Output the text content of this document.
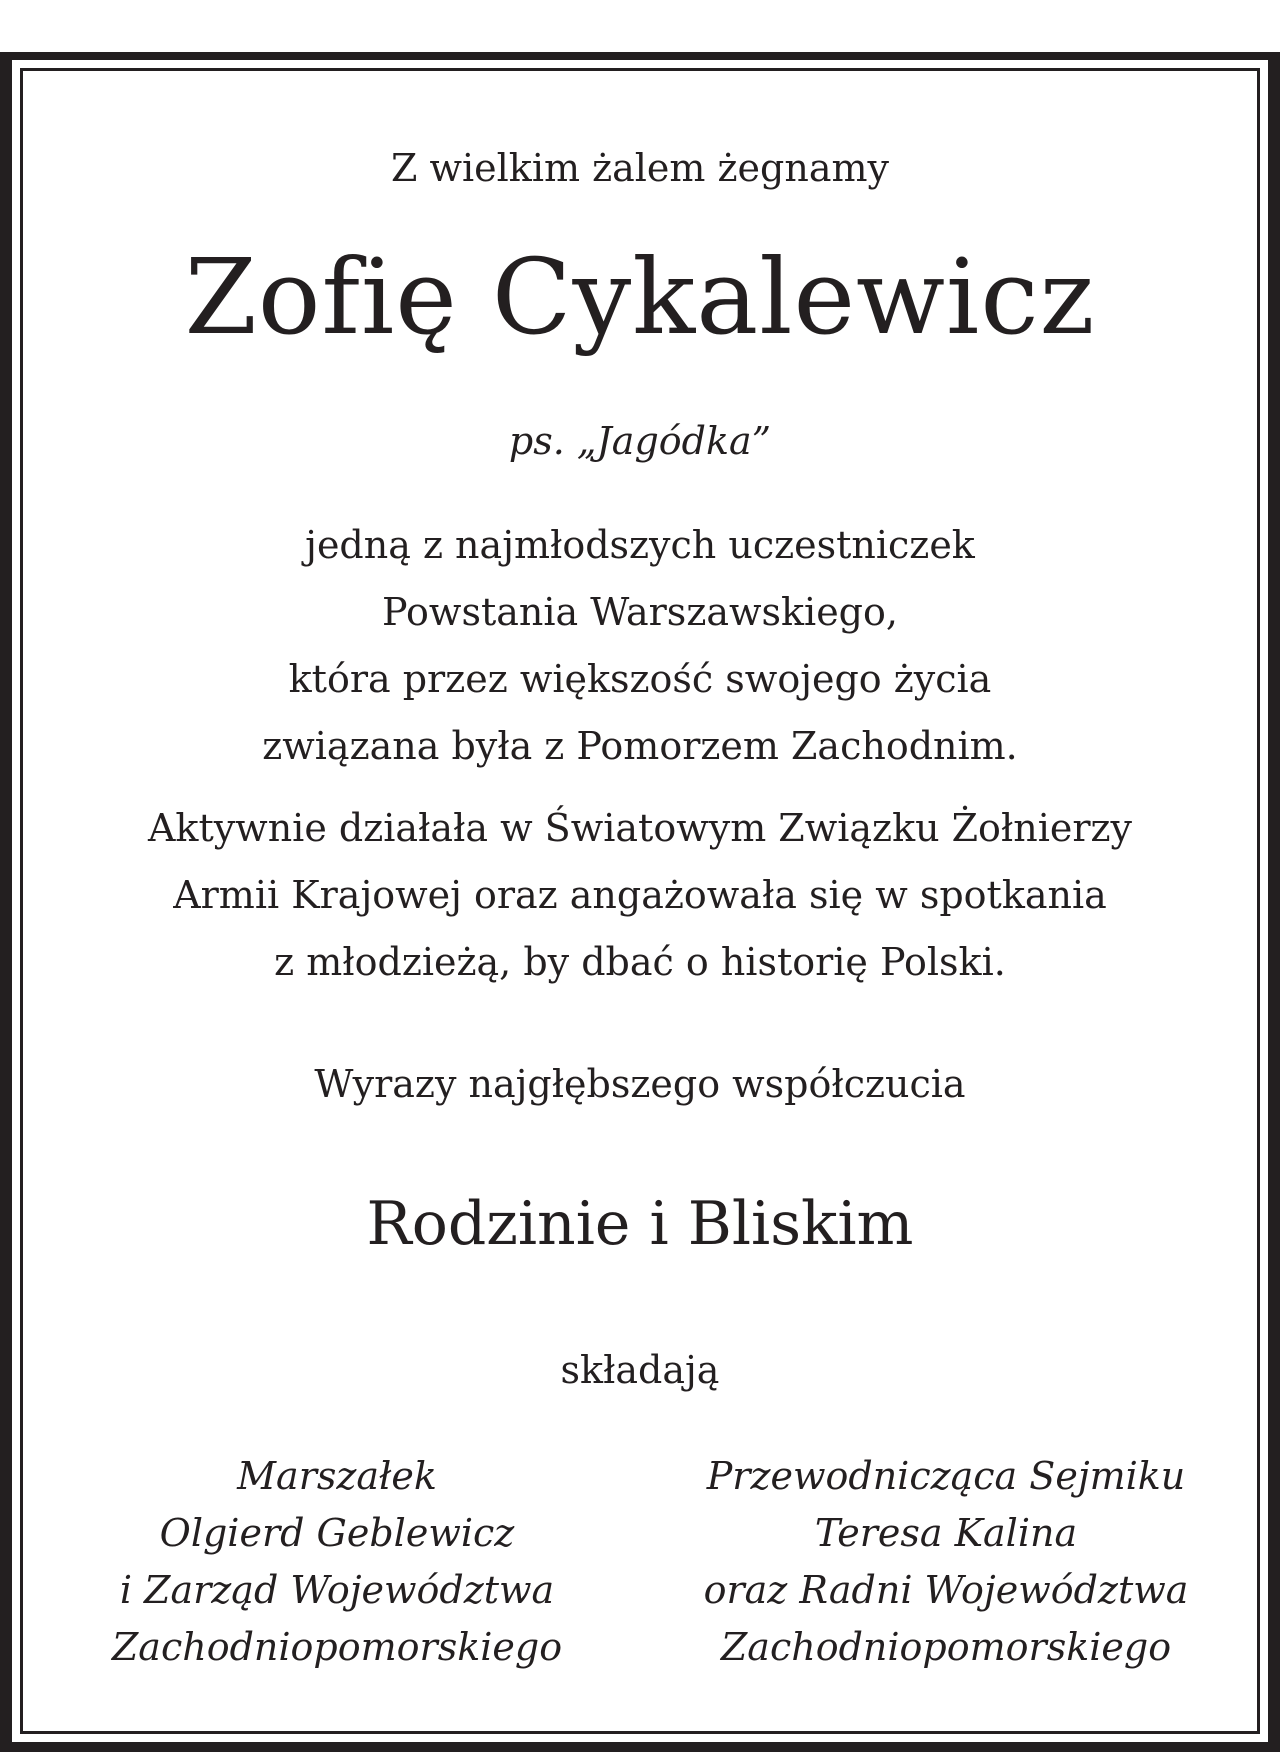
Z wielkim żalem żegnamy
Zofię Cykalewicz
ps. „Jagódka”
jedną z najmłodszych uczestniczek
Powstania Warszawskiego,
która przez większość swojego życia
związana była z Pomorzem Zachodnim.
Aktywnie działała w Światowym Związku Żołnierzy
Armii Krajowej oraz angażowała się w spotkania
z młodzieżą, by dbać o historię Polski.
Wyrazy najgłębszego współczucia
Rodzinie i Bliskim
składają
Marszałek
Olgierd Geblewicz
i Zarząd Województwa
Zachodniopomorskiego
Przewodnicząca Sejmiku
Teresa Kalina
oraz Radni Województwa
Zachodniopomorskiego
